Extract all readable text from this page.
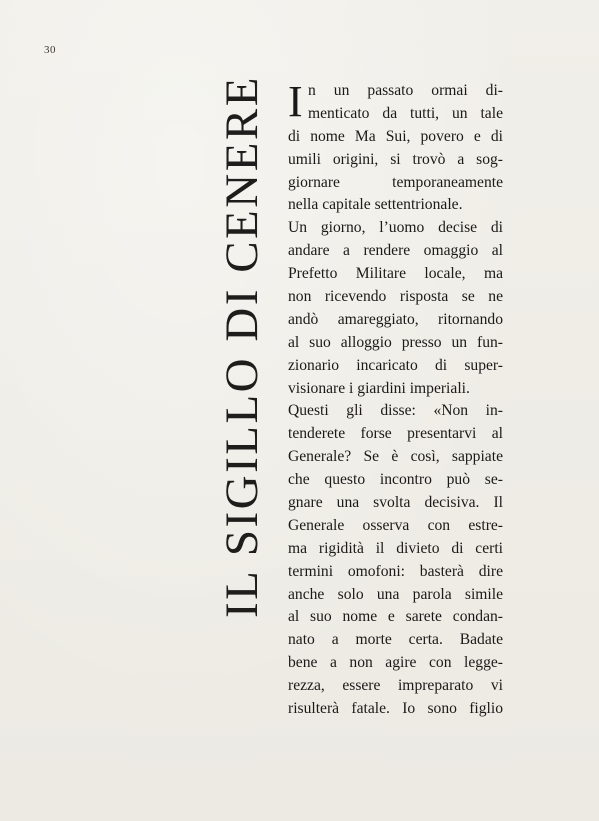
30
IL SIGILLO DI CENERE I n un passato ormai di-
menticato da tutti, un tale
di nome Ma Sui, povero e di
umili origini, si trovò a sog-
giornare temporaneamente
nella capitale settentrionale.
Un giorno, l’uomo decise di
andare a rendere omaggio al
Prefetto Militare locale, ma
non ricevendo risposta se ne
andò amareggiato, ritornando
al suo alloggio presso un fun-
zionario incaricato di super-
visionare i giardini imperiali.
Questi gli disse: «Non in-
tenderete forse presentarvi al
Generale? Se è così, sappiate
che questo incontro può se-
gnare una svolta decisiva. Il
Generale osserva con estre-
ma rigidità il divieto di certi
termini omofoni: basterà dire
anche solo una parola simile
al suo nome e sarete condan-
nato a morte certa. Badate
bene a non agire con legge-
rezza, essere impreparato vi
risulterà fatale. Io sono figlio
